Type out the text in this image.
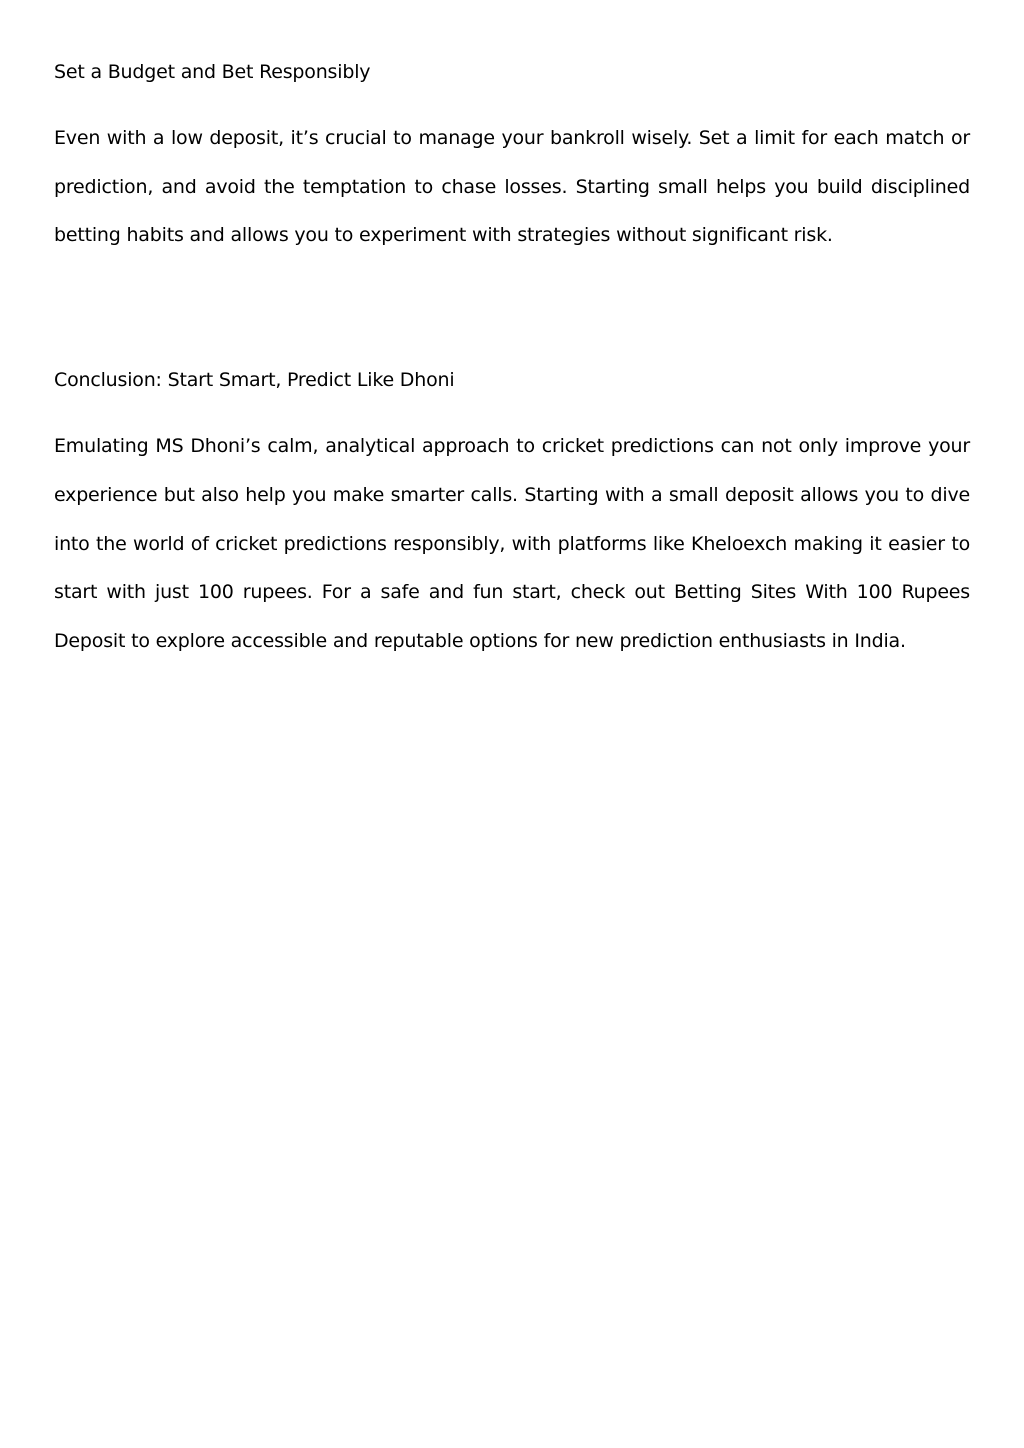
Set a Budget and Bet Responsibly

Even with a low deposit, it’s crucial to manage your bankroll wisely. Set a limit for each match or prediction, and avoid the temptation to chase losses. Starting small helps you build disciplined betting habits and allows you to experiment with strategies without significant risk.

Conclusion: Start Smart, Predict Like Dhoni

Emulating MS Dhoni’s calm, analytical approach to cricket predictions can not only improve your experience but also help you make smarter calls. Starting with a small deposit allows you to dive into the world of cricket predictions responsibly, with platforms like Kheloexch making it easier to start with just 100 rupees. For a safe and fun start, check out Betting Sites With 100 Rupees Deposit to explore accessible and reputable options for new prediction enthusiasts in India.
